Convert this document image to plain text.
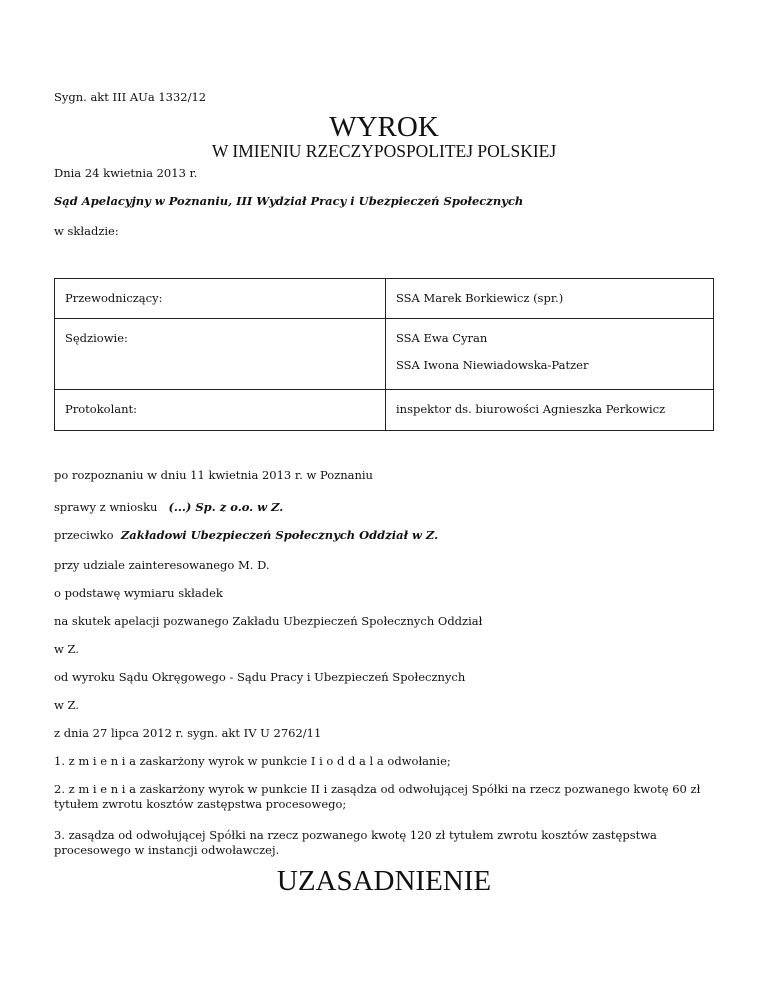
Sygn. akt III AUa 1332/12
WYROK
W IMIENIU RZECZYPOSPOLITEJ POLSKIEJ
Dnia 24 kwietnia 2013 r.
Sąd Apelacyjny w Poznaniu, III Wydział Pracy i Ubezpieczeń Społecznych
w składzie:
Przewodniczący:	SSA Marek Borkiewicz (spr.)
Sędziowie:	SSA Ewa Cyran
SSA Iwona Niewiadowska-Patzer

Protokolant:	inspektor ds. biurowości Agnieszka Perkowicz
po rozpoznaniu w dniu 11 kwietnia 2013 r. w Poznaniu
sprawy z wniosku (...) Sp. z o.o. w Z.
przeciwko Zakładowi Ubezpieczeń Społecznych Oddział w Z.
przy udziale zainteresowanego M. D.
o podstawę wymiaru składek
na skutek apelacji pozwanego Zakładu Ubezpieczeń Społecznych Oddział
w Z.
od wyroku Sądu Okręgowego - Sądu Pracy i Ubezpieczeń Społecznych
w Z.
z dnia 27 lipca 2012 r. sygn. akt IV U 2762/11
1. z m i e n i a zaskarżony wyrok w punkcie I i o d d a l a odwołanie;
2. z m i e n i a zaskarżony wyrok w punkcie II i zasądza od odwołującej Spółki na rzecz pozwanego kwotę 60 zł tytułem zwrotu kosztów zastępstwa procesowego;
3. zasądza od odwołującej Spółki na rzecz pozwanego kwotę 120 zł tytułem zwrotu kosztów zastępstwa procesowego w instancji odwoławczej.
UZASADNIENIE
